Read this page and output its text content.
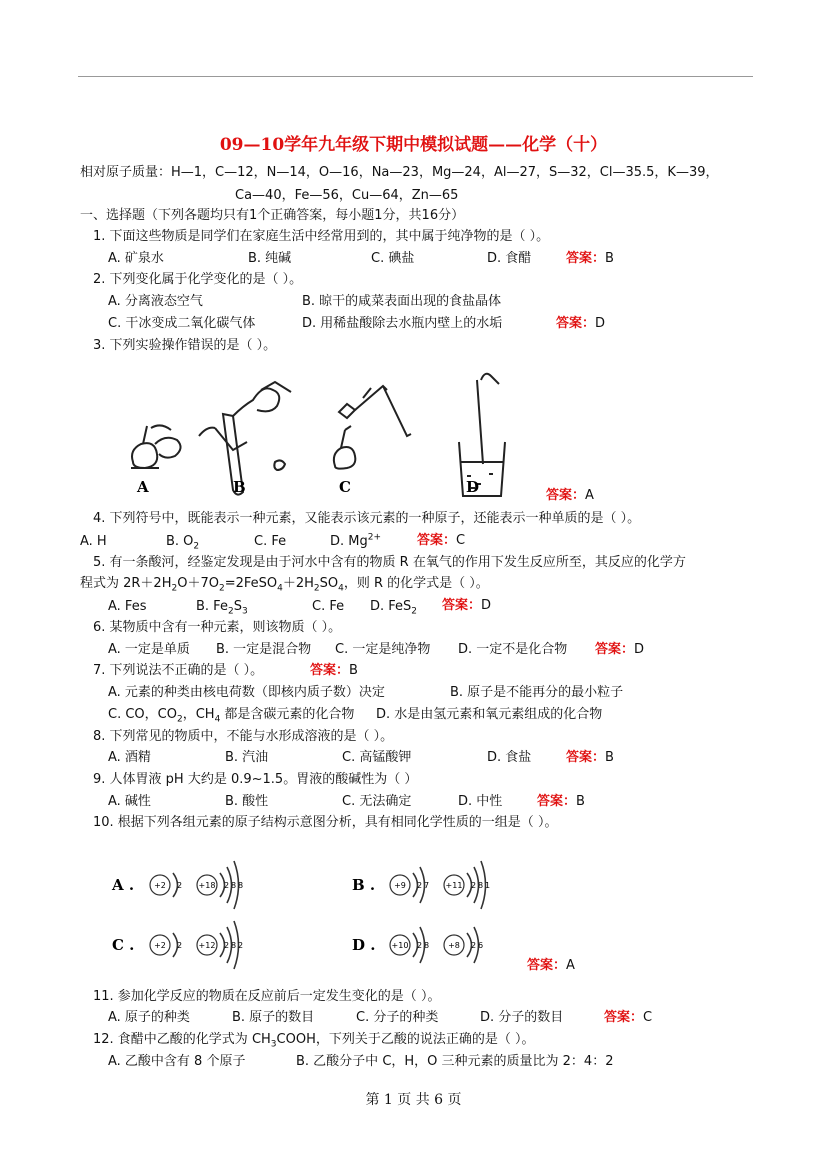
09—10学年九年级下期中模拟试题——化学（十）
相对原子质量：H—1，C—12，N—14，O—16，Na—23，Mg—24，Al—27，S—32，Cl—35.5，K—39，
Ca—40，Fe—56，Cu—64，Zn—65
一、选择题（下列各题均只有1个正确答案，每小题1分，共16分）
1. 下面这些物质是同学们在家庭生活中经常用到的，其中属于纯净物的是（ ）。
A. 矿泉水	B. 纯碱	C. 碘盐	D. 食醋	答案：B
2. 下列变化属于化学变化的是（ ）。
A. 分离液态空气	B. 晾干的咸菜表面出现的食盐晶体
C. 干冰变成二氧化碳气体	D. 用稀盐酸除去水瓶内壁上的水垢	答案：D
3. 下列实验操作错误的是（ ）。
A	B	C	D	答案：A
4. 下列符号中，既能表示一种元素，又能表示该元素的一种原子，还能表示一种单质的是（ ）。
A. H	B. $O_2$	C. Fe	D. $Mg^{2+}$	答案：C
5. 有一条酸河，经鉴定发现是由于河水中含有的物质 R 在氧气的作用下发生反应所至，其反应的化学方
程式为 $2R+2H_2O+7O_2=2FeSO_4+2H_2SO_4$，则 R 的化学式是（ ）。
A. Fes	B. $Fe_2S_3$	C. Fe D. FeS$_2$ 答案：D
6. 某物质中含有一种元素，则该物质（ ）。
A. 一定是单质 B. 一定是混合物 C. 一定是纯净物 D. 一定不是化合物 答案：D
7. 下列说法不正确的是（ ）。	答案：B
A. 元素的种类由核电荷数（即核内质子数）决定	B. 原子是不能再分的最小粒子
C. CO，$CO_2$，$CH_4$ 都是含碳元素的化合物 D. 水是由氢元素和氧元素组成的化合物
8. 下列常见的物质中，不能与水形成溶液的是（ ）。
A. 酒精	B. 汽油	C. 高锰酸钾	D. 食盐	答案：B
9. 人体胃液 pH 大约是 0.9~1.5。胃液的酸碱性为（ ）
A. 碱性	B. 酸性	C. 无法确定	D. 中性	答案：B
10. 根据下列各组元素的原子结构示意图分析，具有相同化学性质的一组是（ ）。
A .	+2 2 +18 2 8 8	B . +9 2 7 +11 2 8 1
C . +2 2 +12 2 8 2	D . +10 2 8 +8 2 6
答案：A
11. 参加化学反应的物质在反应前后一定发生变化的是（ ）。
A. 原子的种类	B. 原子的数目	C. 分子的种类	D. 分子的数目	答案：C
12. 食醋中乙酸的化学式为 $CH_3COOH$，下列关于乙酸的说法正确的是（ ）。
A. 乙酸中含有 8 个原子	B. 乙酸分子中 C，H，O 三种元素的质量比为 2：4：2
第 1 页 共 6 页
